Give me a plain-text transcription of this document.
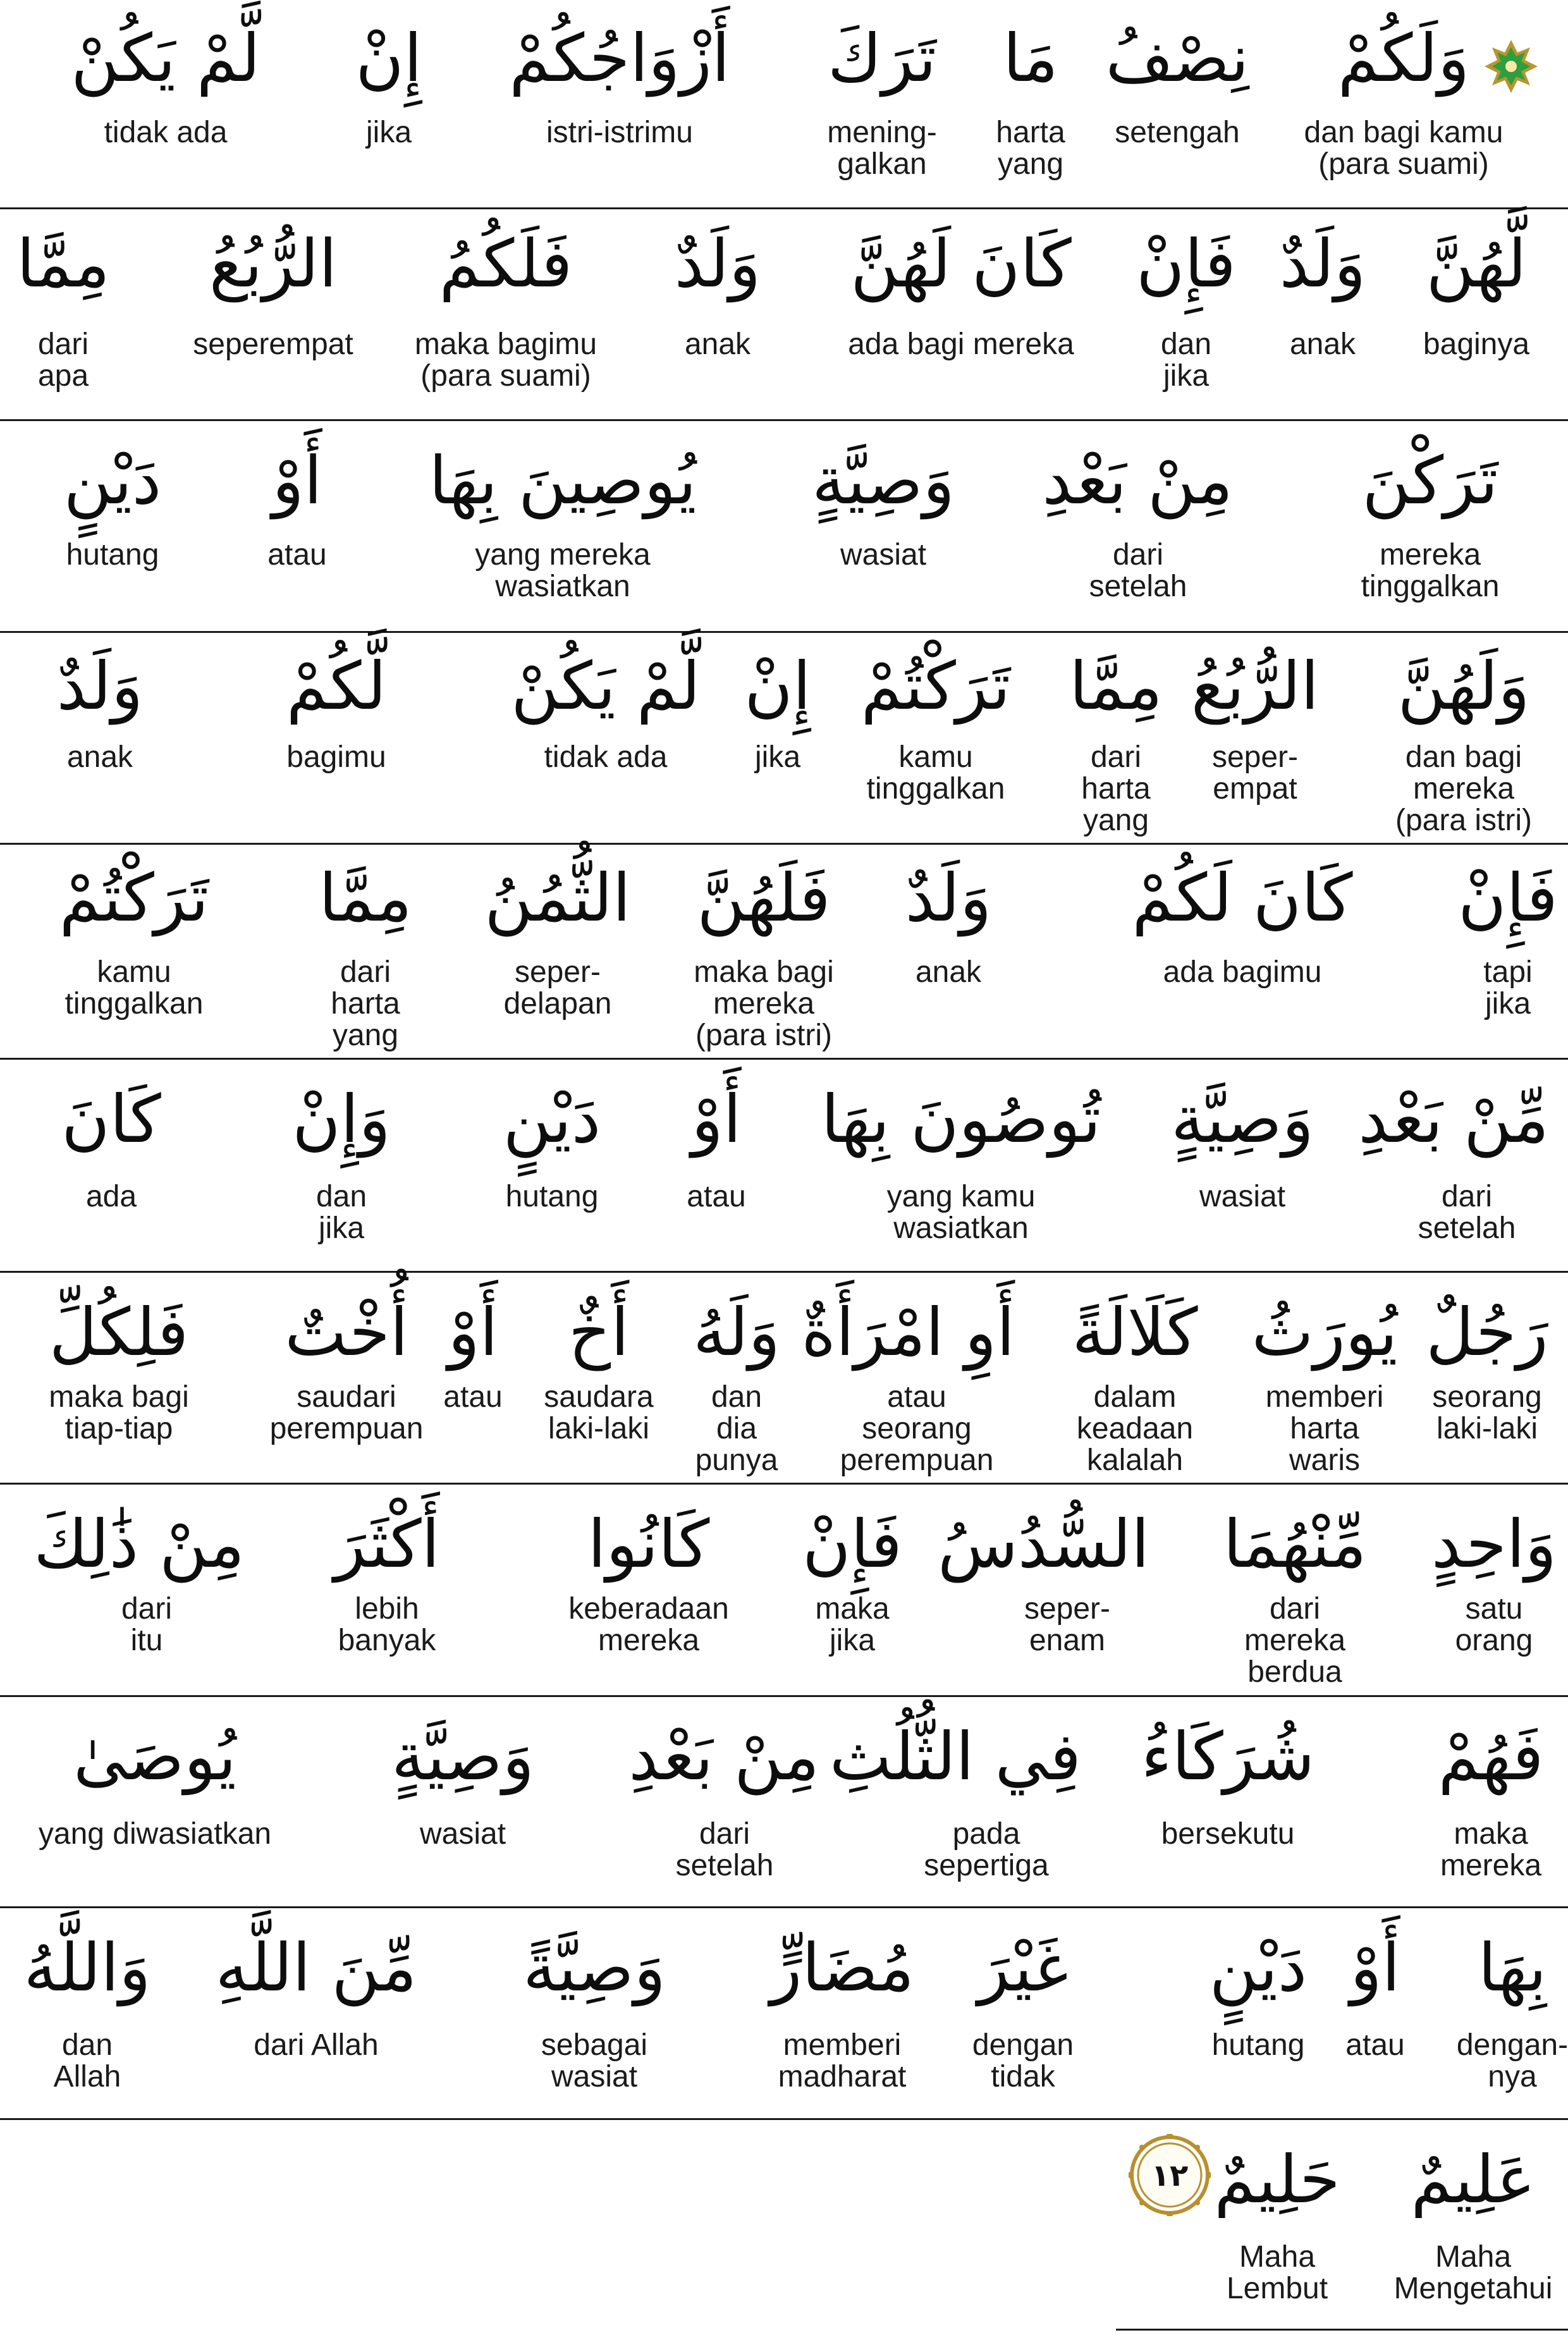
وَلَكُمْ
dan bagi kamu
(para suami)
نِصْفُ
setengah
مَا
harta
yang
تَرَكَ
mening-
galkan
أَزْوَاجُكُمْ
istri-istrimu
إِنْ
jika
لَّمْ يَكُنْ
tidak ada
لَّهُنَّ
baginya
وَلَدٌ
anak
فَإِنْ
dan
jika
كَانَ لَهُنَّ
ada bagi mereka
وَلَدٌ
anak
فَلَكُمُ
maka bagimu
(para suami)
الرُّبُعُ
seperempat
مِمَّا
dari
apa
تَرَكْنَ
mereka
tinggalkan
مِنْ بَعْدِ
dari
setelah
وَصِيَّةٍ
wasiat
يُوصِينَ بِهَا
yang mereka
wasiatkan
أَوْ
atau
دَيْنٍ
hutang
وَلَهُنَّ
dan bagi
mereka
(para istri)
الرُّبُعُ
seper-
empat
مِمَّا
dari
harta
yang
تَرَكْتُمْ
kamu
tinggalkan
إِنْ
jika
لَّمْ يَكُنْ
tidak ada
لَّكُمْ
bagimu
وَلَدٌ
anak
فَإِنْ
tapi
jika
كَانَ لَكُمْ
ada bagimu
وَلَدٌ
anak
فَلَهُنَّ
maka bagi
mereka
(para istri)
الثُّمُنُ
seper-
delapan
مِمَّا
dari
harta
yang
تَرَكْتُمْ
kamu
tinggalkan
مِّنْ بَعْدِ
dari
setelah
وَصِيَّةٍ
wasiat
تُوصُونَ بِهَا
yang kamu
wasiatkan
أَوْ
atau
دَيْنٍ
hutang
وَإِنْ
dan
jika
كَانَ
ada
رَجُلٌ
seorang
laki-laki
يُورَثُ
memberi
harta
waris
كَلَالَةً
dalam
keadaan
kalalah
أَوِ امْرَأَةٌ
atau
seorang
perempuan
وَلَهُ
dan
dia
punya
أَخٌ
saudara
laki-laki
أَوْ
atau
أُخْتٌ
saudari
perempuan
فَلِكُلِّ
maka bagi
tiap-tiap
وَاحِدٍ
satu
orang
مِّنْهُمَا
dari
mereka
berdua
السُّدُسُ
seper-
enam
فَإِنْ
maka
jika
كَانُوا
keberadaan
mereka
أَكْثَرَ
lebih
banyak
مِنْ ذَٰلِكَ
dari
itu
فَهُمْ
maka
mereka
شُرَكَاءُ
bersekutu
فِي الثُّلُثِ
pada
sepertiga
مِنْ بَعْدِ
dari
setelah
وَصِيَّةٍ
wasiat
يُوصَىٰ
yang diwasiatkan
بِهَا
dengan-
nya
أَوْ
atau
دَيْنٍ
hutang
غَيْرَ
dengan
tidak
مُضَارٍّ
memberi
madharat
وَصِيَّةً
sebagai
wasiat
مِّنَ اللَّهِ
dari Allah
وَاللَّهُ
dan
Allah
عَلِيمٌ
Maha
Mengetahui
حَلِيمٌ
Maha
Lembut
١٢
